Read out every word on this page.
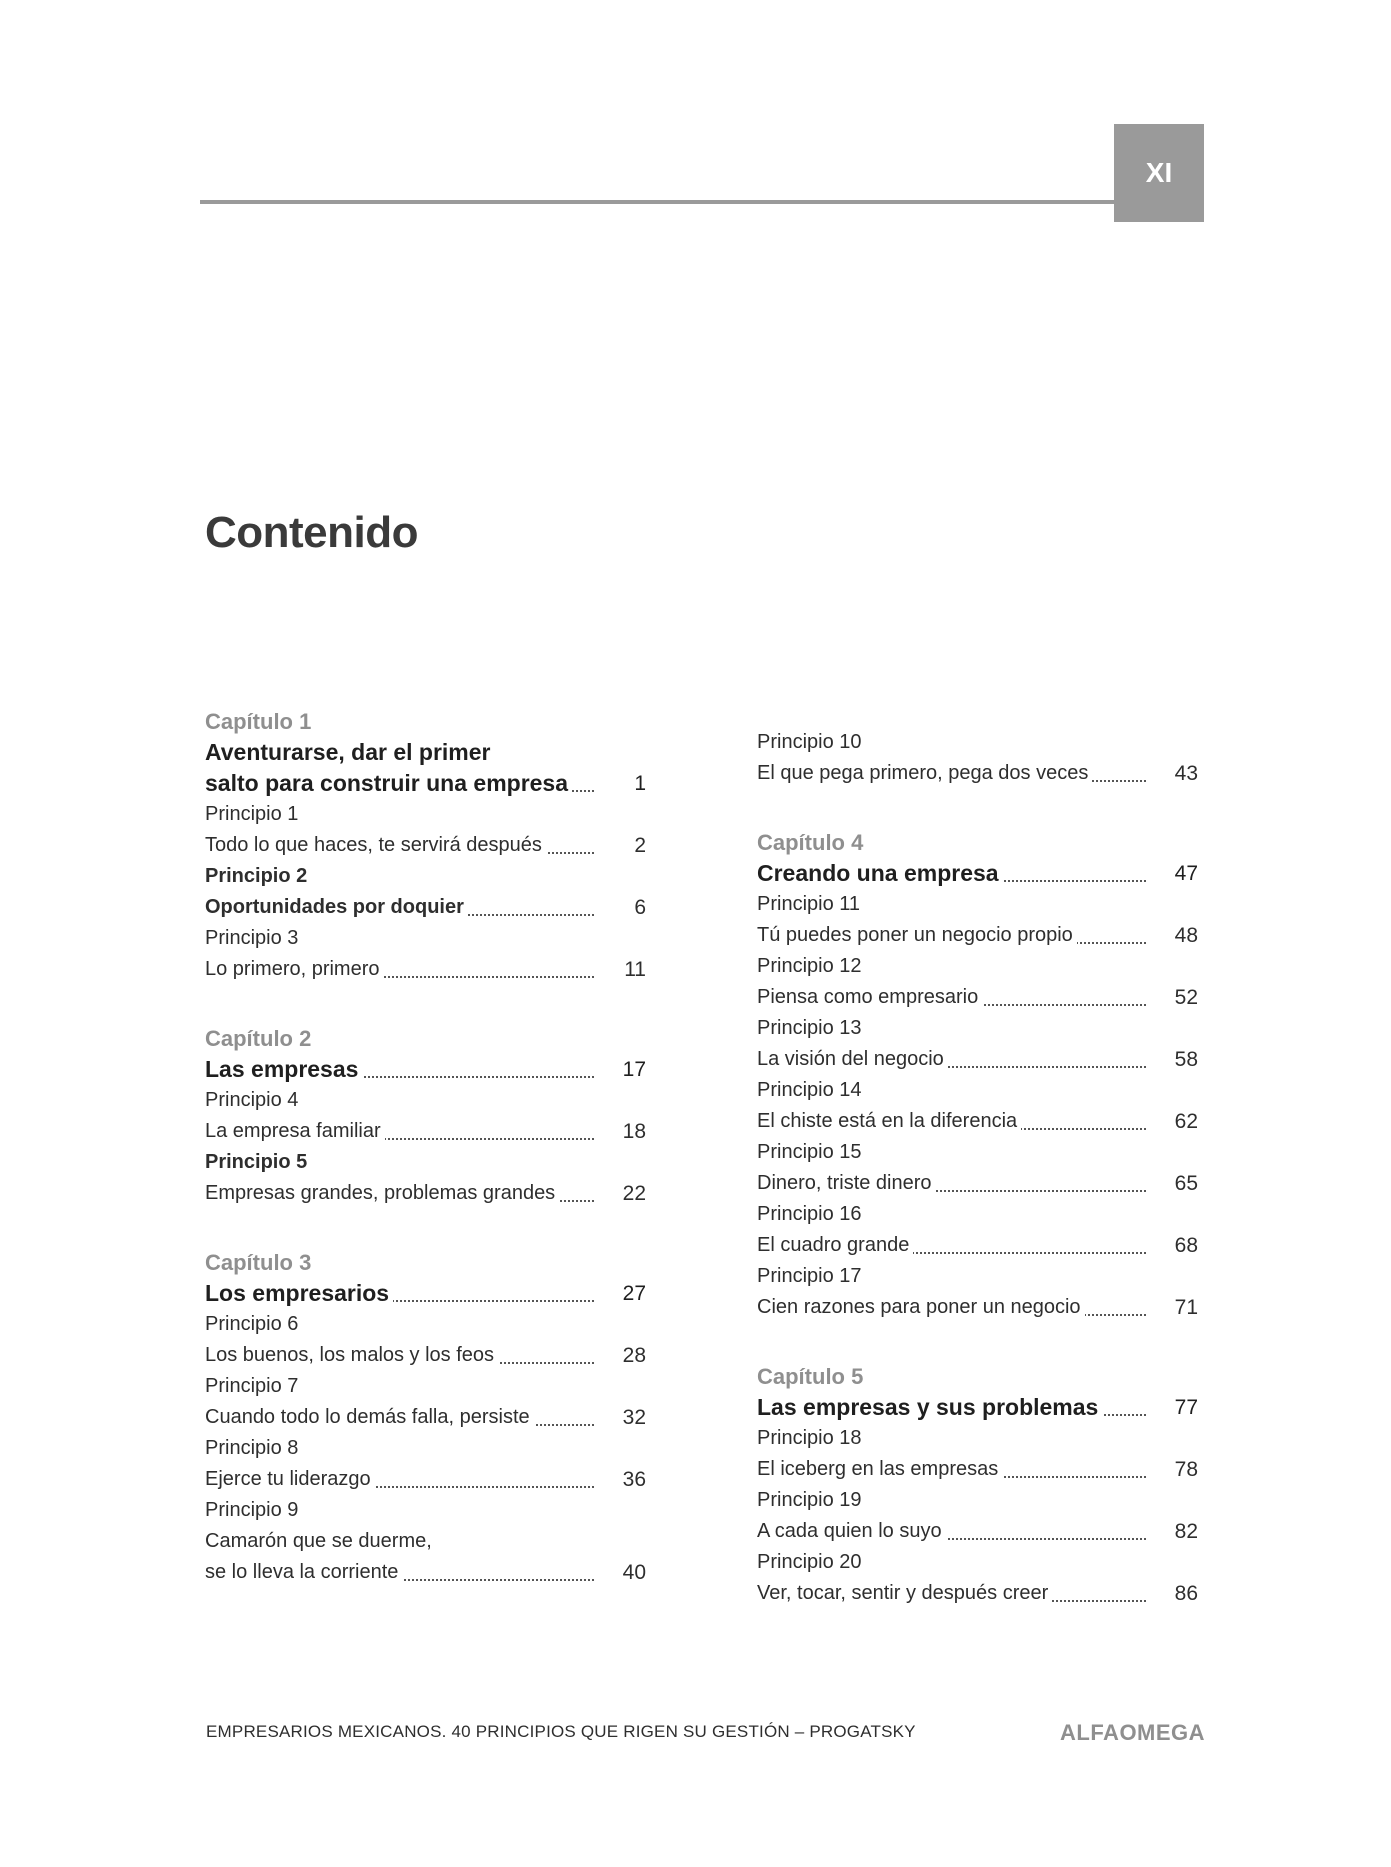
XI
Contenido
Capítulo 1
Aventurarse, dar el primer
salto para construir una empresa	1
Principio 1
Todo lo que haces, te servirá después	2
Principio 2
Oportunidades por doquier	6
Principio 3
Lo primero, primero	11
Capítulo 2
Las empresas	17
Principio 4
La empresa familiar	18
Principio 5
Empresas grandes, problemas grandes	22
Capítulo 3
Los empresarios	27
Principio 6
Los buenos, los malos y los feos	28
Principio 7
Cuando todo lo demás falla, persiste	32
Principio 8
Ejerce tu liderazgo	36
Principio 9
Camarón que se duerme,
se lo lleva la corriente	40
Principio 10
El que pega primero, pega dos veces	43
Capítulo 4
Creando una empresa	47
Principio 11
Tú puedes poner un negocio propio	48
Principio 12
Piensa como empresario	52
Principio 13
La visión del negocio	58
Principio 14
El chiste está en la diferencia	62
Principio 15
Dinero, triste dinero	65
Principio 16
El cuadro grande	68
Principio 17
Cien razones para poner un negocio	71
Capítulo 5
Las empresas y sus problemas	77
Principio 18
El iceberg en las empresas	78
Principio 19
A cada quien lo suyo	82
Principio 20
Ver, tocar, sentir y después creer	86
EMPRESARIOS MEXICANOS. 40 PRINCIPIOS QUE RIGEN SU GESTIÓN – PROGATSKY	ALFAOMEGA
